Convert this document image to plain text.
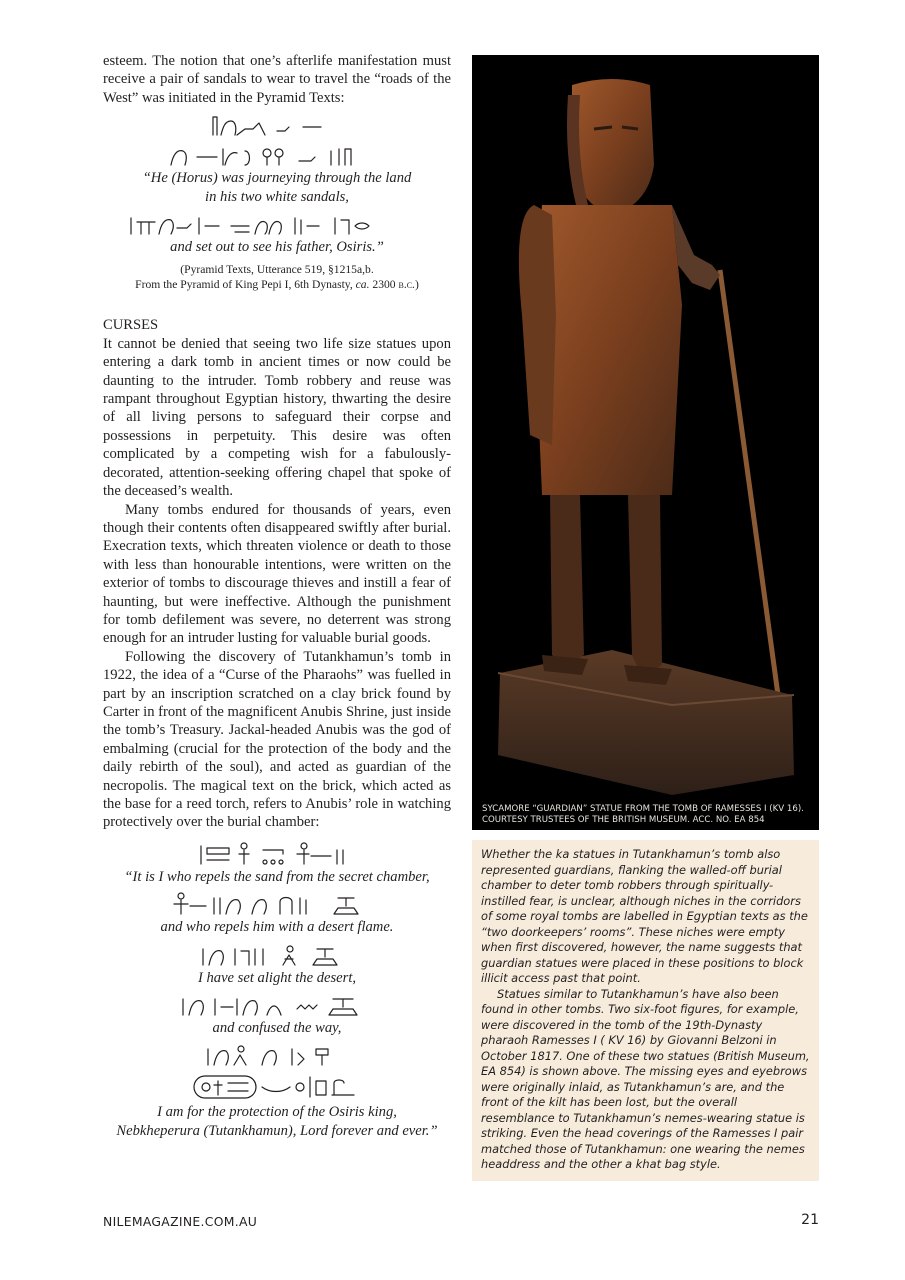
esteem. The notion that one’s afterlife manifestation must receive a pair of sandals to wear to travel the “roads of the West” was initiated in the Pyramid Texts:

“He (Horus) was journeying through the land

in his two white sandals,

and set out to see his father, Osiris.”

(Pyramid Texts, Utterance 519, §1215a,b.

From the Pyramid of King Pepi I, 6th Dynasty, ca. 2300 b.c.)

CURSES

It cannot be denied that seeing two life size statues upon entering a dark tomb in ancient times or now could be daunting to the intruder. Tomb robbery and reuse was rampant throughout Egyptian history, thwarting the desire of all living persons to safeguard their corpse and possessions in perpetuity. This desire was often complicated by a competing wish for a fabulously-decorated, attention-seeking offering chapel that spoke of the deceased’s wealth.

Many tombs endured for thousands of years, even though their contents often disappeared swiftly after burial. Execration texts, which threaten violence or death to those with less than honourable intentions, were written on the exterior of tombs to discourage thieves and instill a fear of haunting, but were ineffective. Although the punishment for tomb defilement was severe, no deterrent was strong enough for an intruder lusting for valuable burial goods.

Following the discovery of Tutankhamun’s tomb in 1922, the idea of a “Curse of the Pharaohs” was fuelled in part by an inscription scratched on a clay brick found by Carter in front of the magnificent Anubis Shrine, just inside the tomb’s Treasury. Jackal-headed Anubis was the god of embalming (crucial for the protection of the body and the daily rebirth of the soul), and acted as guardian of the necropolis. The magical text on the brick, which acted as the base for a reed torch, refers to Anubis’ role in watching protectively over the burial chamber:

“It is I who repels the sand from the secret chamber,

and who repels him with a desert flame.

I have set alight the desert,

and confused the way,

I am for the protection of the Osiris king,

Nebkheperura (Tutankhamun), Lord forever and ever.”

SYCAMORE “GUARDIAN” STATUE FROM THE TOMB OF RAMESSES I (KV 16).
COURTESY TRUSTEES OF THE BRITISH MUSEUM. ACC. NO. EA 854

Whether the ka statues in Tutankhamun’s tomb also represented guardians, flanking the walled-off burial chamber to deter tomb robbers through spiritually-instilled fear, is unclear, although niches in the corridors of some royal tombs are labelled in Egyptian texts as the “two doorkeepers’ rooms”. These niches were empty when first discovered, however, the name suggests that guardian statues were placed in these positions to block illicit access past that point.

Statues similar to Tutankhamun’s have also been found in other tombs. Two six-foot figures, for example, were discovered in the tomb of the 19th-Dynasty pharaoh Ramesses I ( KV 16) by Giovanni Belzoni in October 1817. One of these two statues (British Museum, EA 854) is shown above. The missing eyes and eyebrows were originally inlaid, as Tutankhamun’s are, and the front of the kilt has been lost, but the overall resemblance to Tutankhamun’s nemes-wearing statue is striking. Even the head coverings of the Ramesses I pair matched those of Tutankhamun: one wearing the nemes headdress and the other a khat bag style.

NILEMAGAZINE.COM.AU	21
